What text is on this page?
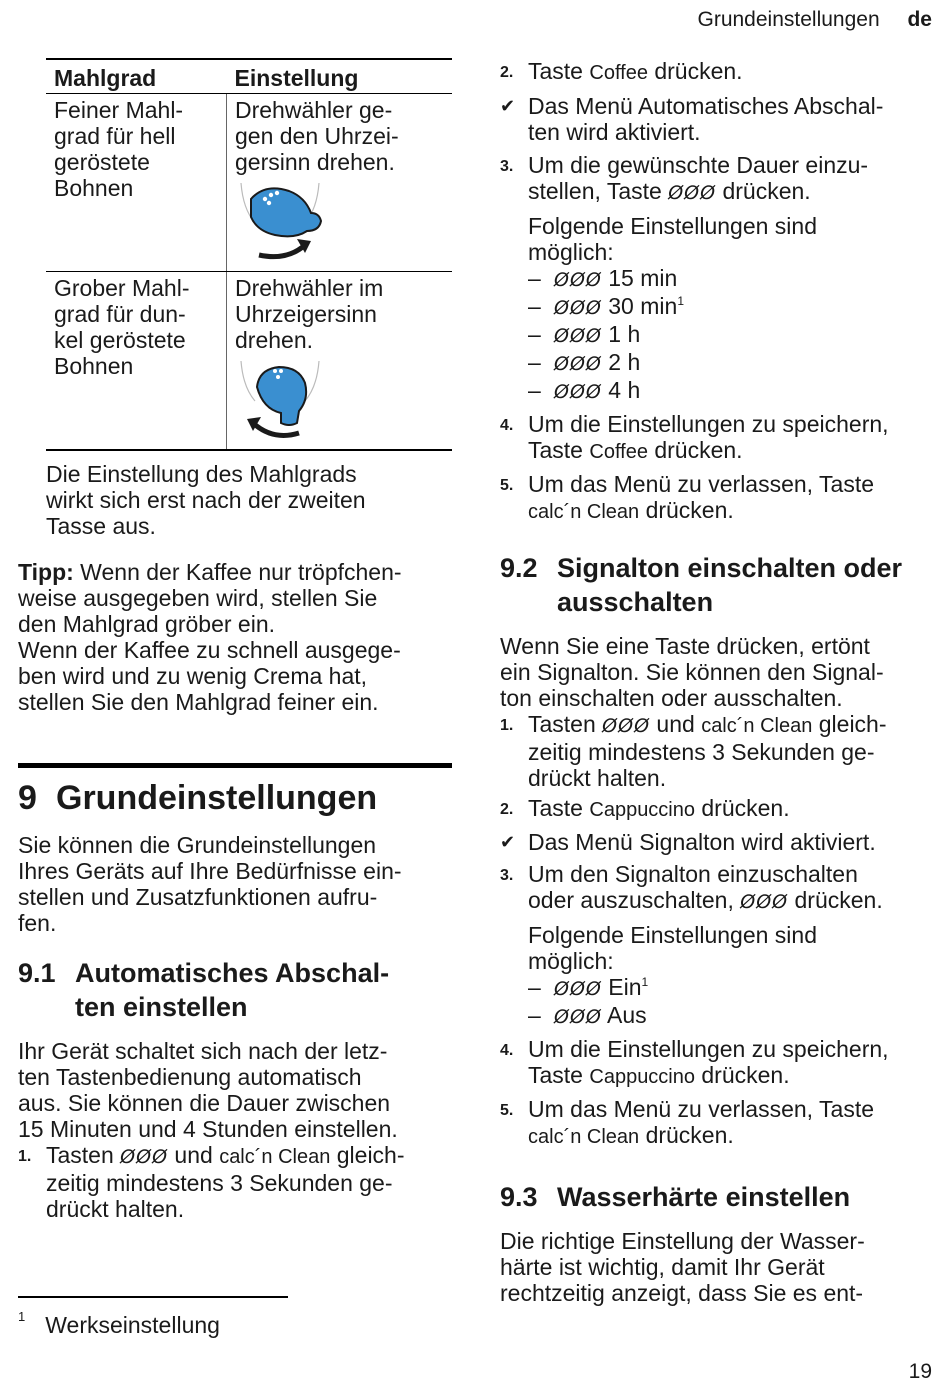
Grundeinstellungen de
Mahlgrad	Einstellung
Feiner Mahl-
grad für hell
geröstete
Bohnen	Drehwähler ge-
gen den Uhrzei-
gersinn drehen.

Grober Mahl-
grad für dun-
kel geröstete
Bohnen	Drehwähler im
Uhrzeigersinn
drehen.

Die Einstellung des Mahlgrads
wirkt sich erst nach der zweiten
Tasse aus.

Tipp: Wenn der Kaffee nur tröpfchen-
weise ausgegeben wird, stellen Sie
den Mahlgrad gröber ein.
Wenn der Kaffee zu schnell ausgege-
ben wird und zu wenig Crema hat,
stellen Sie den Mahlgrad feiner ein.

9 Grundeinstellungen

Sie können die Grundeinstellungen
Ihres Geräts auf Ihre Bedürfnisse ein-
stellen und Zusatzfunktionen aufru-
fen.

9.1 Automatisches Abschal-
ten einstellen

Ihr Gerät schaltet sich nach der letz-
ten Tastenbedienung automatisch
aus. Sie können die Dauer zwischen
15 Minuten und 4 Stunden einstellen.

1. Tasten ØØØ und calc´n Clean gleich-
zeitig mindestens 3 Sekunden ge-
drückt halten.
2. Taste Coffee drücken.
✔ Das Menü Automatisches Abschal-
ten wird aktiviert.
3. Um die gewünschte Dauer einzu-
stellen, Taste ØØØ drücken.
Folgende Einstellungen sind
möglich:
– ØØØ 15 min
– ØØØ 30 $\min^1$
– ØØØ 1 h
– ØØØ 2 h
– ØØØ 4 h
4. Um die Einstellungen zu speichern,
Taste Coffee drücken.
5. Um das Menü zu verlassen, Taste
calc´n Clean drücken.
9.2 Signalton einschalten oder ausschalten

Wenn Sie eine Taste drücken, ertönt
ein Signalton. Sie können den Signal-
ton einschalten oder ausschalten.

1. Tasten ØØØ und calc´n Clean gleich-
zeitig mindestens 3 Sekunden ge-
drückt halten.
2. Taste Cappuccino drücken.
✔ Das Menü Signalton wird aktiviert.
3. Um den Signalton einzuschalten
oder auszuschalten, ØØØ drücken.
Folgende Einstellungen sind
möglich:
– ØØØ Ein$^1$
– ØØØ Aus
4. Um die Einstellungen zu speichern,
Taste Cappuccino drücken.
5. Um das Menü zu verlassen, Taste
calc´n Clean drücken.
9.3 Wasserhärte einstellen

Die richtige Einstellung der Wasser-
härte ist wichtig, damit Ihr Gerät
rechtzeitig anzeigt, dass Sie es ent-

$^1$ Werkseinstellung
19
